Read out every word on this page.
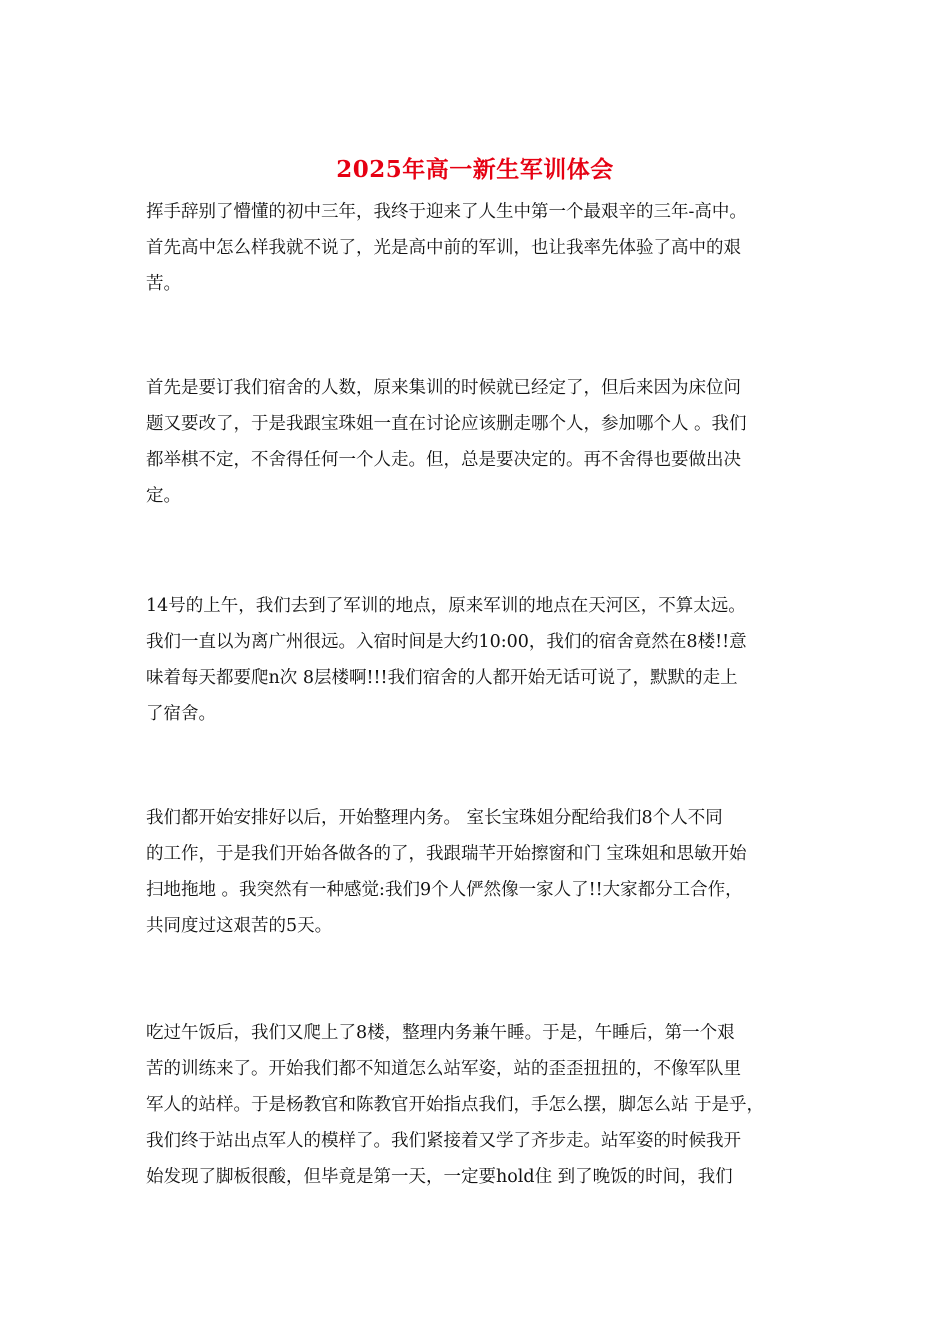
2025年高一新生军训体会
挥手辞别了懵懂的初中三年，我终于迎来了人生中第一个最艰辛的三年-高中。
首先高中怎么样我就不说了，光是高中前的军训，也让我率先体验了高中的艰
苦。
首先是要订我们宿舍的人数，原来集训的时候就已经定了，但后来因为床位问
题又要改了，于是我跟宝珠姐一直在讨论应该删走哪个人，参加哪个人 。我们
都举棋不定，不舍得任何一个人走。但，总是要决定的。再不舍得也要做出决
定。
14号的上午，我们去到了军训的地点，原来军训的地点在天河区，不算太远。
我们一直以为离广州很远。入宿时间是大约10:00，我们的宿舍竟然在8楼!!意
味着每天都要爬n次 8层楼啊!!!我们宿舍的人都开始无话可说了，默默的走上
了宿舍。
我们都开始安排好以后，开始整理内务。 室长宝珠姐分配给我们8个人不同
的工作，于是我们开始各做各的了，我跟瑞芊开始擦窗和门 宝珠姐和思敏开始
扫地拖地 。我突然有一种感觉:我们9个人俨然像一家人了!!大家都分工合作，
共同度过这艰苦的5天。
吃过午饭后，我们又爬上了8楼，整理内务兼午睡。于是，午睡后，第一个艰
苦的训练来了。开始我们都不知道怎么站军姿，站的歪歪扭扭的，不像军队里
军人的站样。于是杨教官和陈教官开始指点我们，手怎么摆，脚怎么站 于是乎，
我们终于站出点军人的模样了。我们紧接着又学了齐步走。站军姿的时候我开
始发现了脚板很酸，但毕竟是第一天，一定要hold住 到了晚饭的时间，我们
